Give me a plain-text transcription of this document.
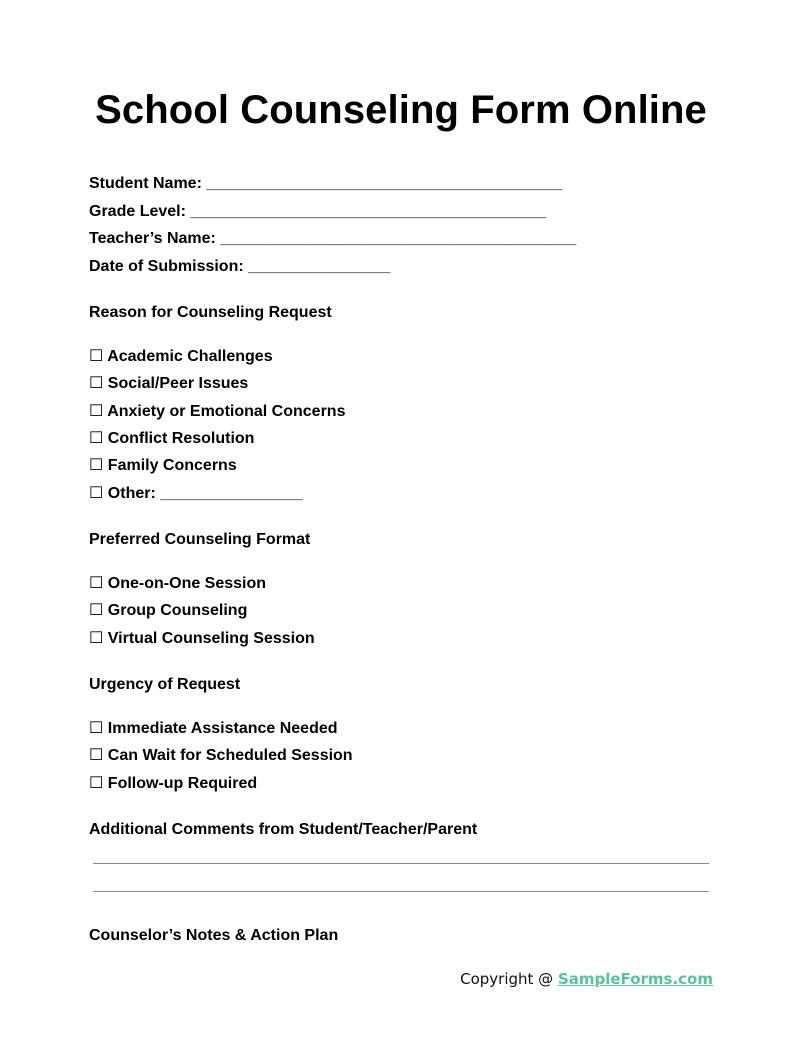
School Counseling Form Online
Student Name: ________________________________________
Grade Level: ________________________________________
Teacher’s Name: ________________________________________
Date of Submission: ________________
Reason for Counseling Request
☐ Academic Challenges
☐ Social/Peer Issues
☐ Anxiety or Emotional Concerns
☐ Conflict Resolution
☐ Family Concerns
☐ Other: ________________
Preferred Counseling Format
☐ One-on-One Session
☐ Group Counseling
☐ Virtual Counseling Session
Urgency of Request
☐ Immediate Assistance Needed
☐ Can Wait for Scheduled Session
☐ Follow-up Required
Additional Comments from Student/Teacher/Parent
Counselor’s Notes & Action Plan
Copyright @ SampleForms.com
